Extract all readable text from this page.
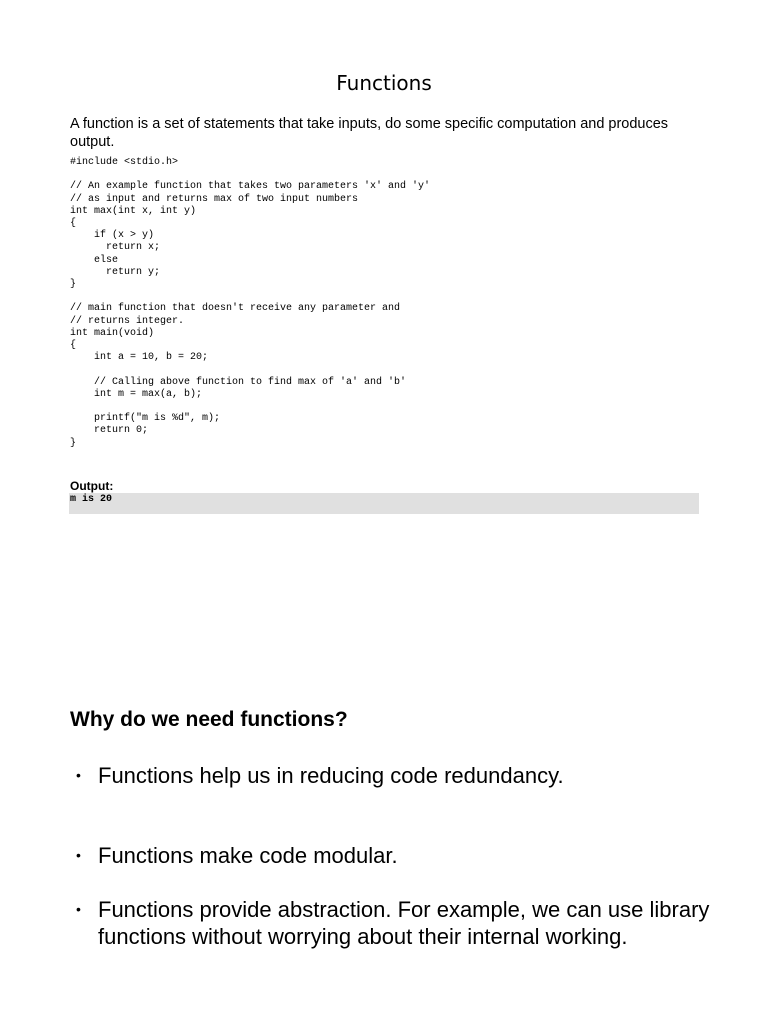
Functions

A function is a set of statements that take inputs, do some specific computation and produces output.

#include <stdio.h>

// An example function that takes two parameters 'x' and 'y'
// as input and returns max of two input numbers
int max(int x, int y)
{
if (x > y)
return x;
else
return y;
}

// main function that doesn't receive any parameter and
// returns integer.
int main(void)
{
int a = 10, b = 20;

// Calling above function to find max of 'a' and 'b'
int m = max(a, b);

printf("m is %d", m);
return 0;
}

Output:

m is 20
Why do we need functions?
• Functions help us in reducing code redundancy.
• Functions make code modular.
• Functions provide abstraction. For example, we can use library functions without worrying about their internal working.
